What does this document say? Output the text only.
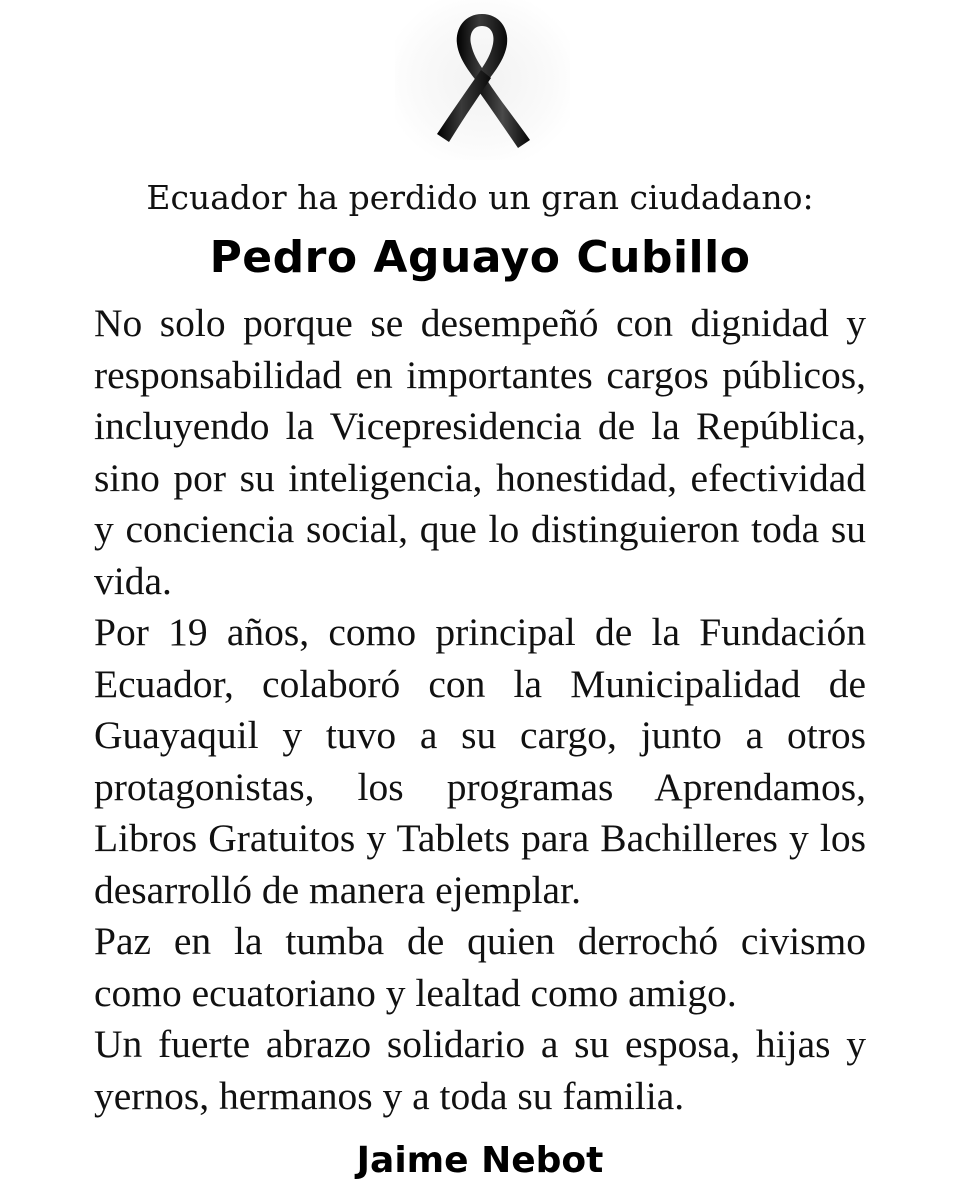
Ecuador ha perdido un gran ciudadano:
Pedro Aguayo Cubillo

No solo porque se desempeñó con dignidad y responsabilidad en importantes cargos públicos, incluyendo la Vicepresidencia de la República, sino por su inteligencia, honestidad, efectividad y conciencia social, que lo distinguieron toda su vida.

Por 19 años, como principal de la Fundación Ecuador, colaboró con la Municipalidad de Guayaquil y tuvo a su cargo, junto a otros protagonistas, los programas Aprendamos, Libros Gratuitos y Tablets para Bachilleres y los desarrolló de manera ejemplar.

Paz en la tumba de quien derrochó civismo como ecuatoriano y lealtad como amigo.

Un fuerte abrazo solidario a su esposa, hijas y yernos, hermanos y a toda su familia.

Jaime Nebot
